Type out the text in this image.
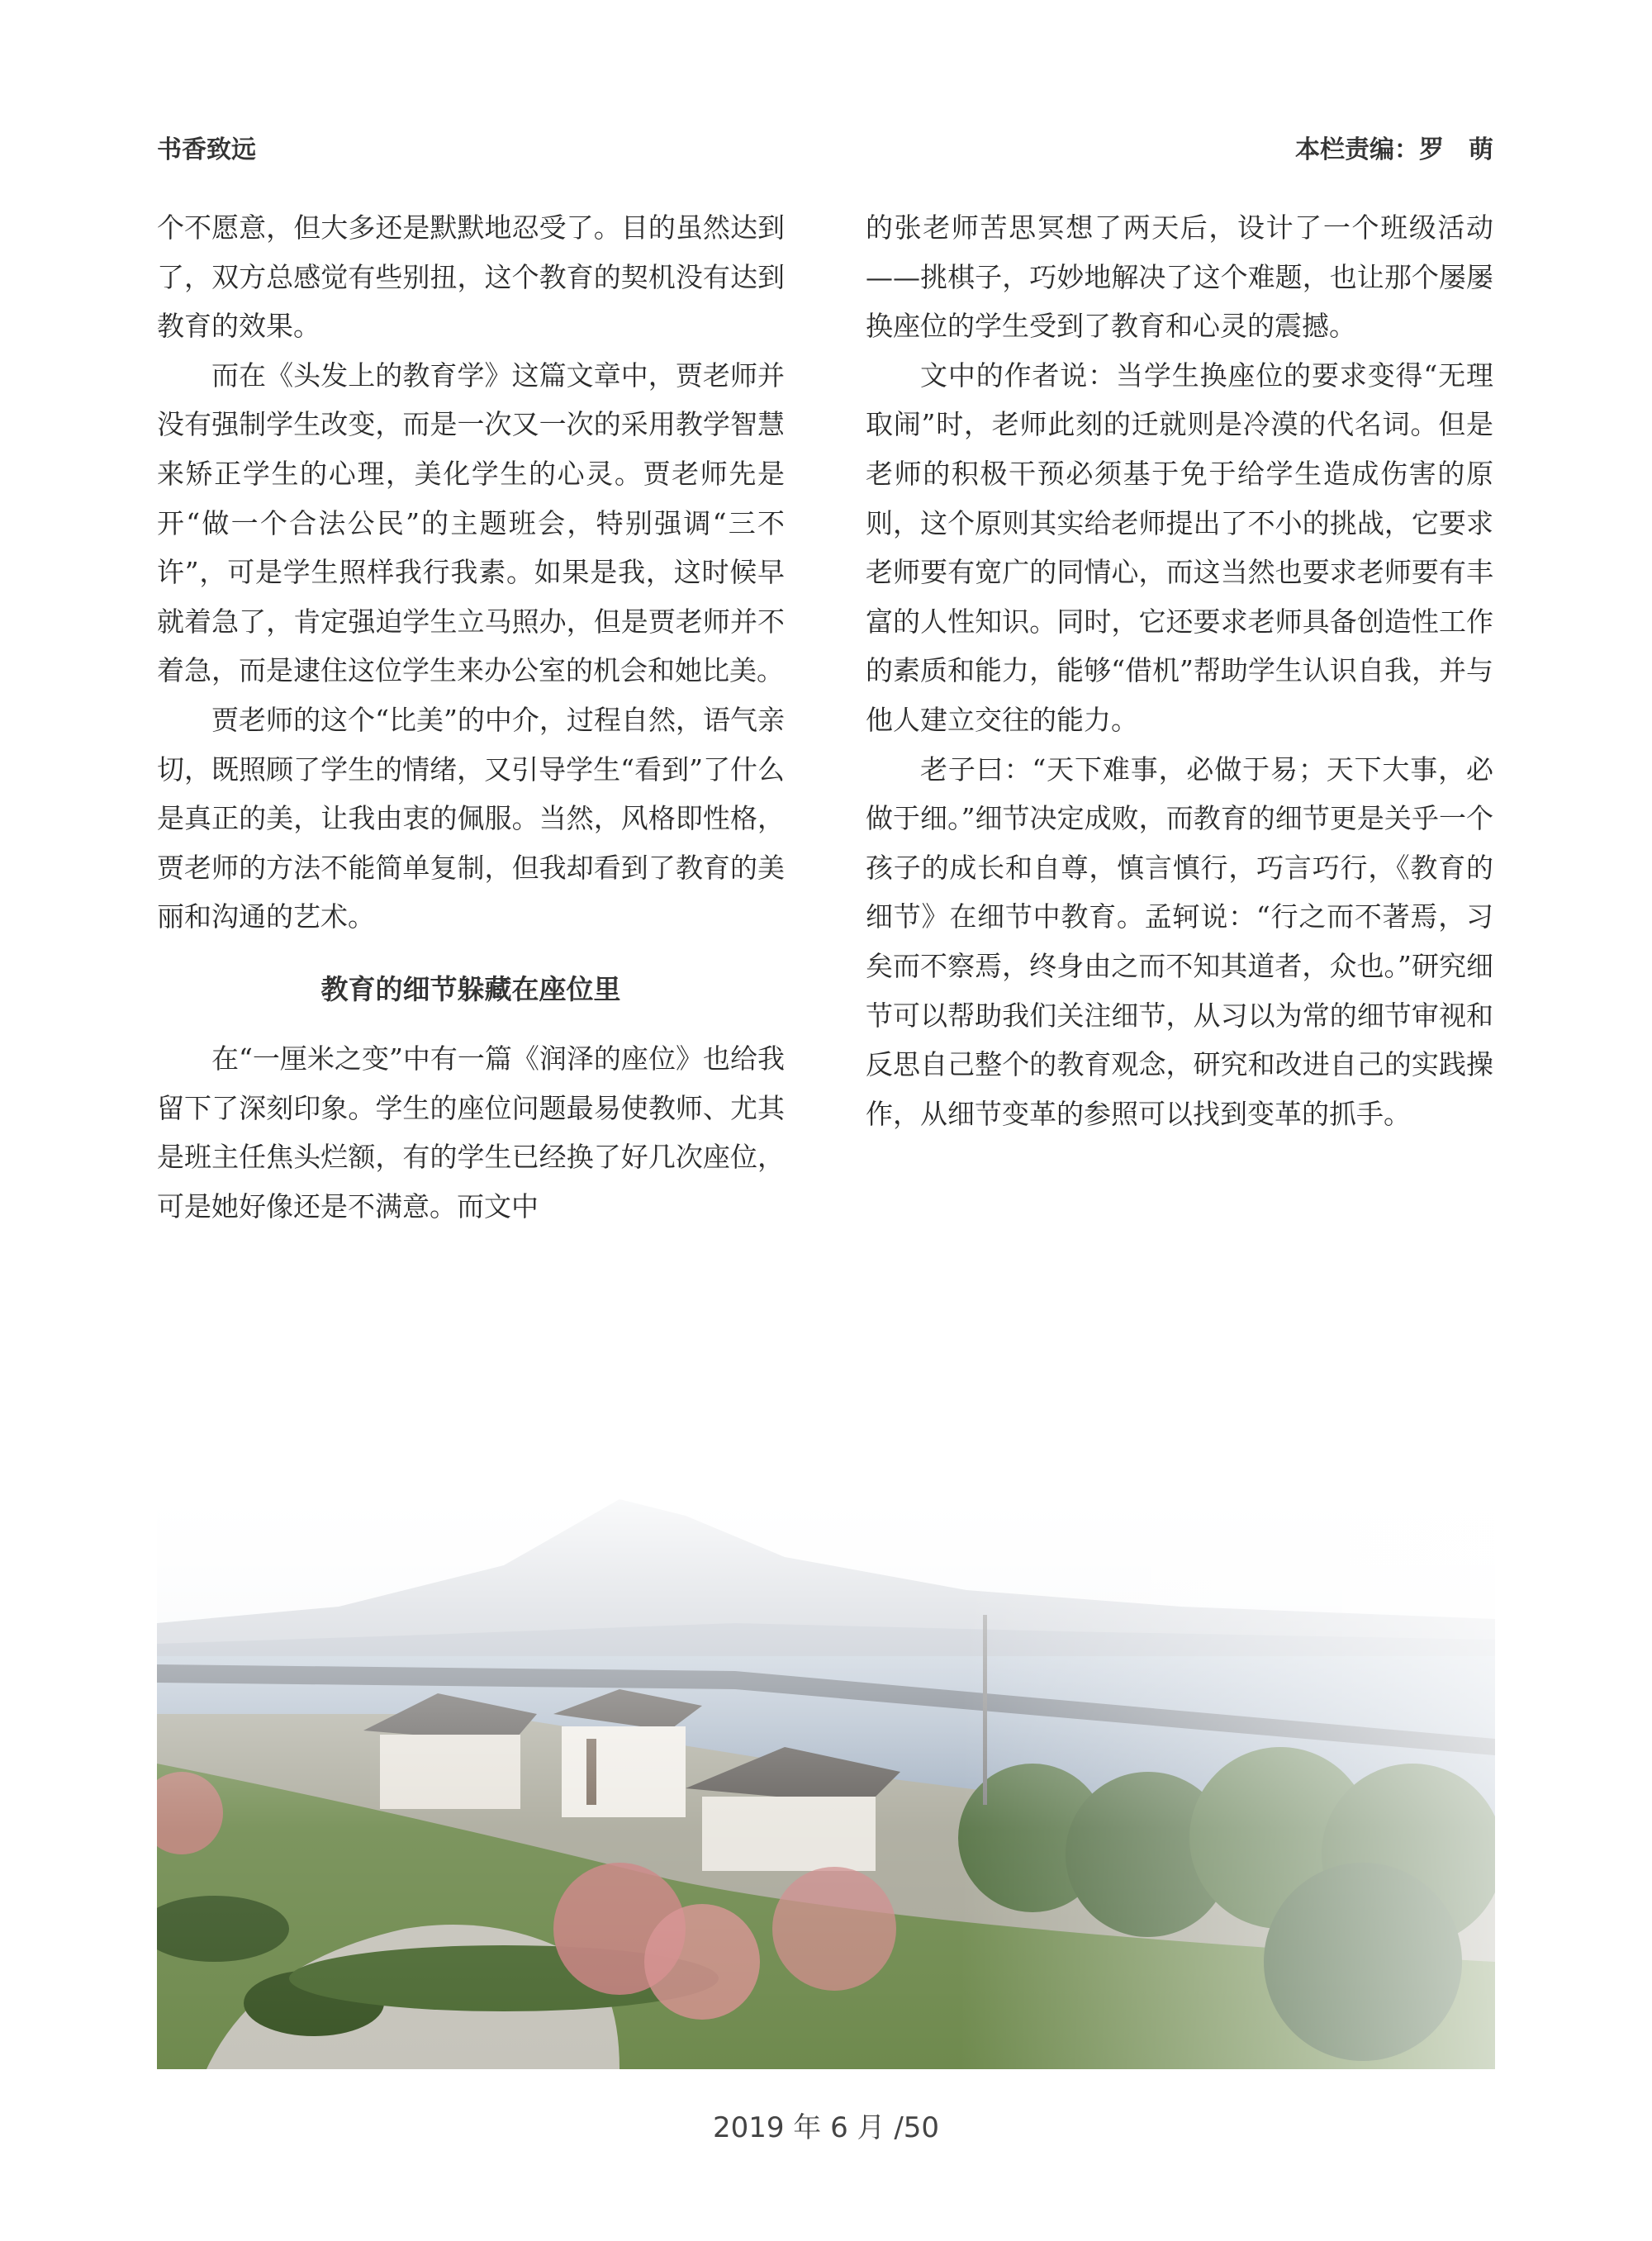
书香致远	本栏责编：罗　萌

个不愿意，但大多还是默默地忍受了。目的虽然达到了，双方总感觉有些别扭，这个教育的契机没有达到教育的效果。

而在《头发上的教育学》这篇文章中，贾老师并没有强制学生改变，而是一次又一次的采用教学智慧来矫正学生的心理，美化学生的心灵。贾老师先是开“做一个合法公民”的主题班会，特别强调“三不许”，可是学生照样我行我素。如果是我，这时候早就着急了，肯定强迫学生立马照办，但是贾老师并不着急，而是逮住这位学生来办公室的机会和她比美。

贾老师的这个“比美”的中介，过程自然，语气亲切，既照顾了学生的情绪，又引导学生“看到”了什么是真正的美，让我由衷的佩服。当然，风格即性格，贾老师的方法不能简单复制，但我却看到了教育的美丽和沟通的艺术。

教育的细节躲藏在座位里

在“一厘米之变”中有一篇《润泽的座位》也给我留下了深刻印象。学生的座位问题最易使教师、尤其是班主任焦头烂额，有的学生已经换了好几次座位，可是她好像还是不满意。而文中

的张老师苦思冥想了两天后，设计了一个班级活动——挑棋子，巧妙地解决了这个难题，也让那个屡屡换座位的学生受到了教育和心灵的震撼。

文中的作者说：当学生换座位的要求变得“无理取闹”时，老师此刻的迁就则是冷漠的代名词。但是老师的积极干预必须基于免于给学生造成伤害的原则，这个原则其实给老师提出了不小的挑战，它要求老师要有宽广的同情心，而这当然也要求老师要有丰富的人性知识。同时，它还要求老师具备创造性工作的素质和能力，能够“借机”帮助学生认识自我，并与他人建立交往的能力。

老子曰：“天下难事，必做于易；天下大事，必做于细。”细节决定成败，而教育的细节更是关乎一个孩子的成长和自尊，慎言慎行，巧言巧行，《教育的细节》在细节中教育。孟轲说：“行之而不著焉，习矣而不察焉，终身由之而不知其道者，众也。”研究细节可以帮助我们关注细节，从习以为常的细节审视和反思自己整个的教育观念，研究和改进自己的实践操作，从细节变革的参照可以找到变革的抓手。

2019 年 6 月 /50
